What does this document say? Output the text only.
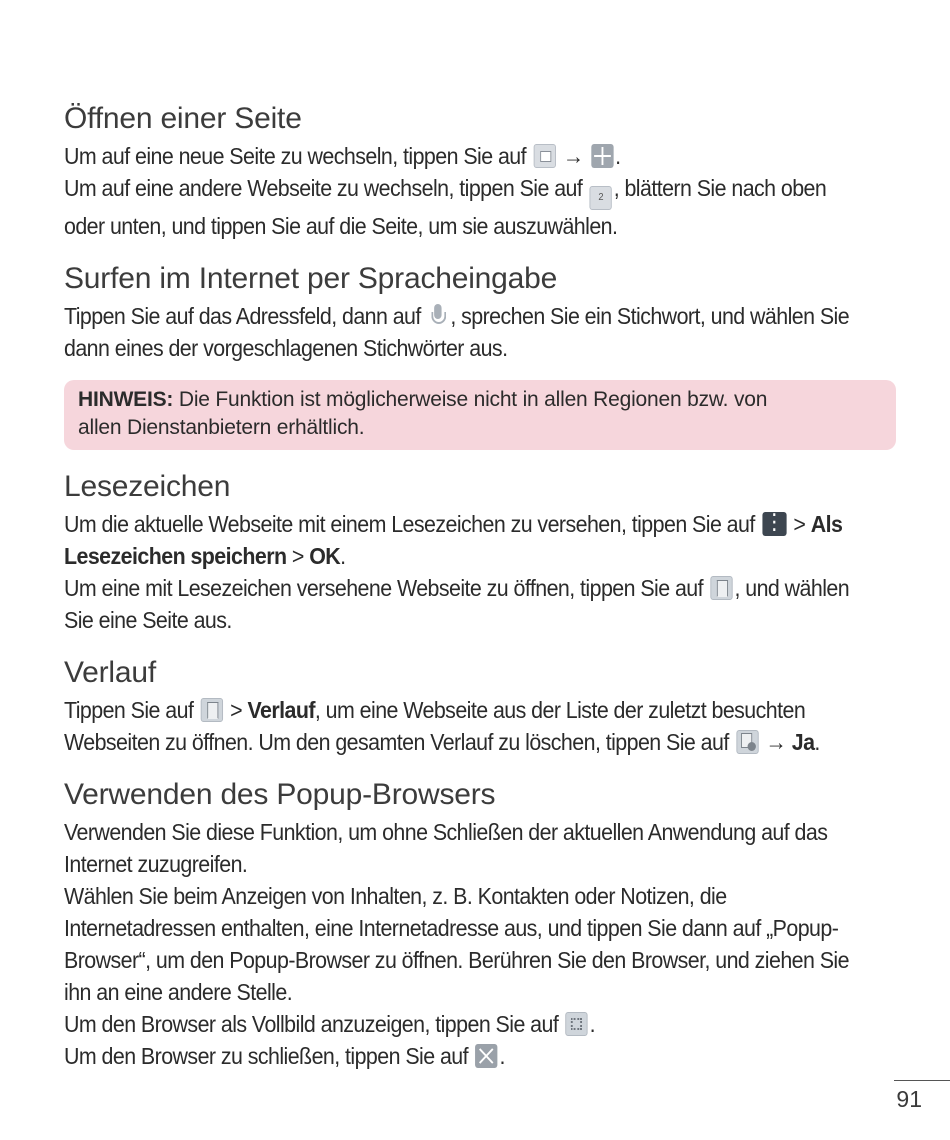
Öffnen einer Seite

Um auf eine neue Seite zu wechseln, tippen Sie auf  → .

Um auf eine andere Webseite zu wechseln, tippen Sie auf 2 , blättern Sie nach oben

oder unten, und tippen Sie auf die Seite, um sie auszuwählen.

Surfen im Internet per Spracheingabe

Tippen Sie auf das Adressfeld, dann auf , sprechen Sie ein Stichwort, und wählen Sie

dann eines der vorgeschlagenen Stichwörter aus.

HINWEIS: Die Funktion ist möglicherweise nicht in allen Regionen bzw. von

allen Dienstanbietern erhältlich.

Lesezeichen

Um die aktuelle Webseite mit einem Lesezeichen zu versehen, tippen Sie auf ⋮ > Als

Lesezeichen speichern > OK.

Um eine mit Lesezeichen versehene Webseite zu öffnen, tippen Sie auf , und wählen

Sie eine Seite aus.

Verlauf

Tippen Sie auf  > Verlauf, um eine Webseite aus der Liste der zuletzt besuchten

Webseiten zu öffnen. Um den gesamten Verlauf zu löschen, tippen Sie auf  → Ja.

Verwenden des Popup-Browsers

Verwenden Sie diese Funktion, um ohne Schließen der aktuellen Anwendung auf das

Internet zuzugreifen.

Wählen Sie beim Anzeigen von Inhalten, z. B. Kontakten oder Notizen, die

Internetadressen enthalten, eine Internetadresse aus, und tippen Sie dann auf „Popup-

Browser“, um den Popup-Browser zu öffnen. Berühren Sie den Browser, und ziehen Sie

ihn an eine andere Stelle.

Um den Browser als Vollbild anzuzeigen, tippen Sie auf .

Um den Browser zu schließen, tippen Sie auf .

91
